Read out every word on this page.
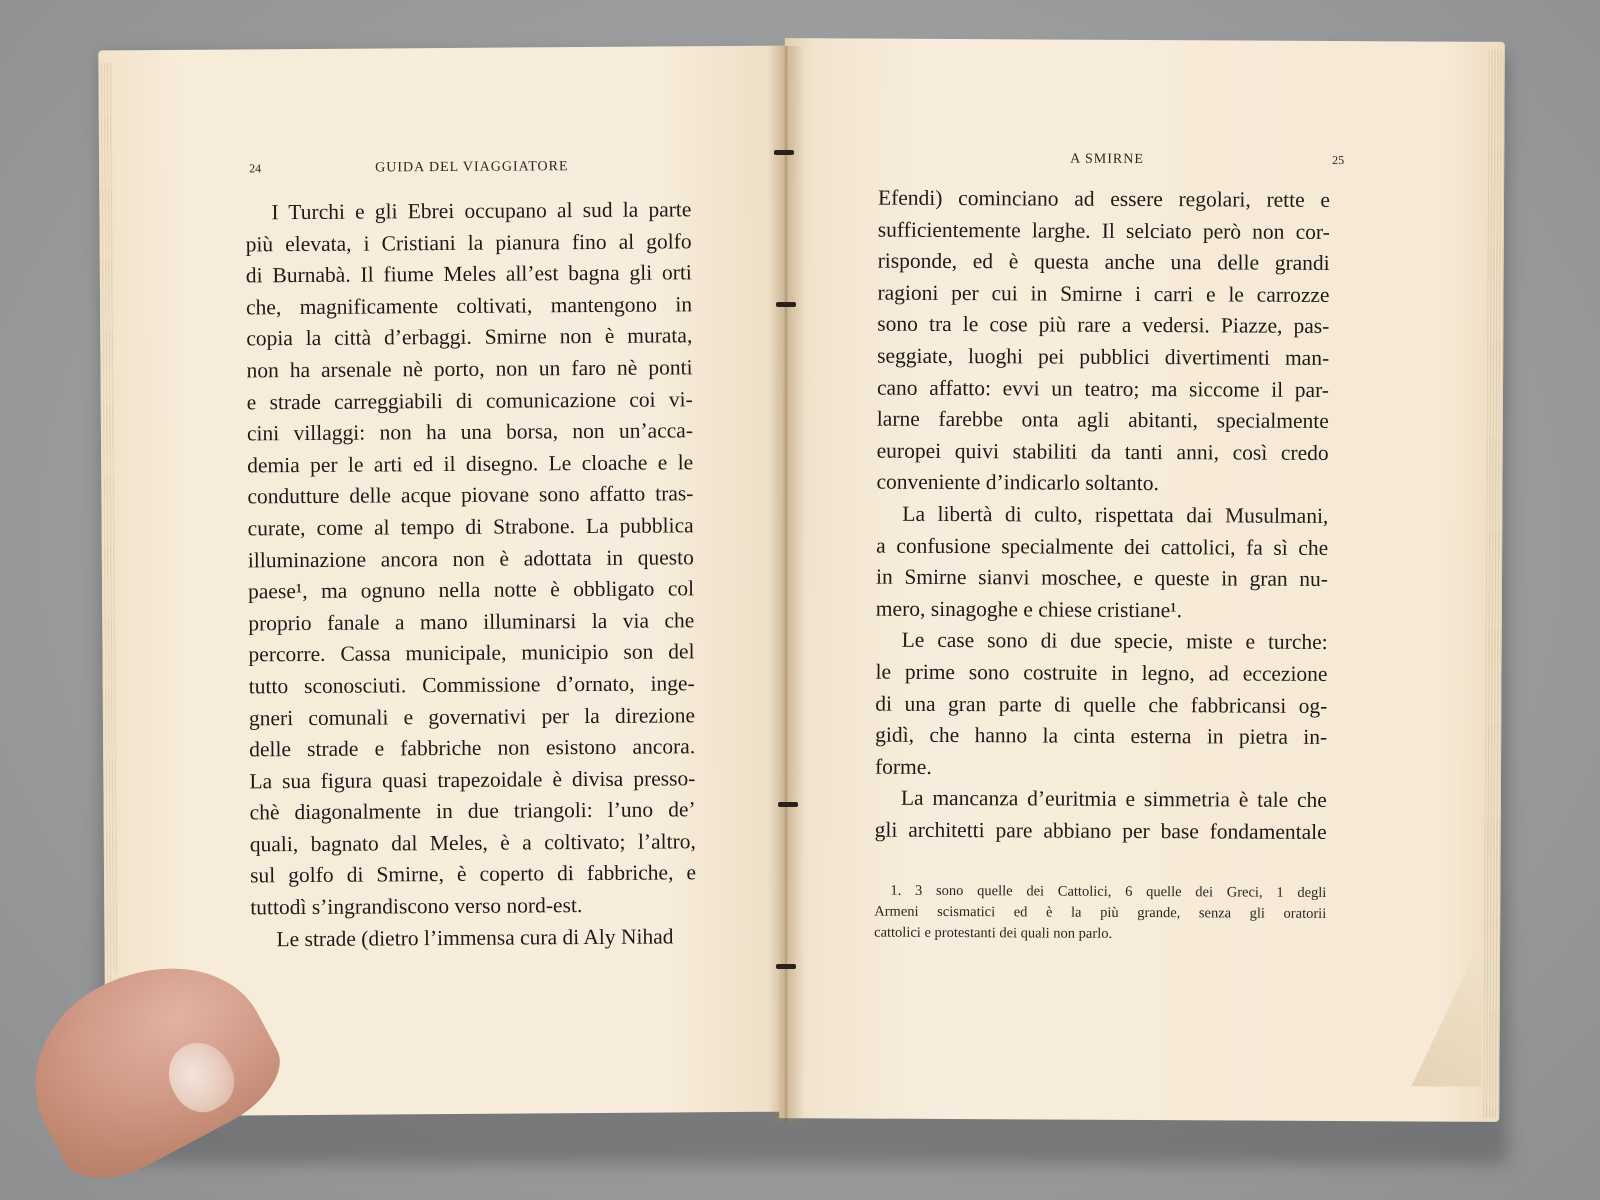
24	GUIDA DEL VIAGGIATORE
I Turchi e gli Ebrei occupano al sud la parte
più elevata, i Cristiani la pianura fino al golfo
di Burnabà. Il fiume Meles all’est bagna gli orti
che, magnificamente coltivati, mantengono in
copia la città d’erbaggi. Smirne non è murata,
non ha arsenale nè porto, non un faro nè ponti
e strade carreggiabili di comunicazione coi vi-
cini villaggi: non ha una borsa, non un’acca-
demia per le arti ed il disegno. Le cloache e le
condutture delle acque piovane sono affatto tras-
curate, come al tempo di Strabone. La pubblica
illuminazione ancora non è adottata in questo
paese¹, ma ognuno nella notte è obbligato col
proprio fanale a mano illuminarsi la via che
percorre. Cassa municipale, municipio son del
tutto sconosciuti. Commissione d’ornato, inge-
gneri comunali e governativi per la direzione
delle strade e fabbriche non esistono ancora.
La sua figura quasi trapezoidale è divisa presso-
chè diagonalmente in due triangoli: l’uno de’
quali, bagnato dal Meles, è a coltivato; l’altro,
sul golfo di Smirne, è coperto di fabbriche, e
tuttodì s’ingrandiscono verso nord-est.
Le strade (dietro l’immensa cura di Aly Nihad
A SMIRNE	25
Efendi) cominciano ad essere regolari, rette e
sufficientemente larghe. Il selciato però non cor-
risponde, ed è questa anche una delle grandi
ragioni per cui in Smirne i carri e le carrozze
sono tra le cose più rare a vedersi. Piazze, pas-
seggiate, luoghi pei pubblici divertimenti man-
cano affatto: evvi un teatro; ma siccome il par-
larne farebbe onta agli abitanti, specialmente
europei quivi stabiliti da tanti anni, così credo
conveniente d’indicarlo soltanto.
La libertà di culto, rispettata dai Musulmani,
a confusione specialmente dei cattolici, fa sì che
in Smirne sianvi moschee, e queste in gran nu-
mero, sinagoghe e chiese cristiane¹.
Le case sono di due specie, miste e turche:
le prime sono costruite in legno, ad eccezione
di una gran parte di quelle che fabbricansi og-
gidì, che hanno la cinta esterna in pietra in-
forme.
La mancanza d’euritmia e simmetria è tale che
gli architetti pare abbiano per base fondamentale
1. 3 sono quelle dei Cattolici, 6 quelle dei Greci, 1 degli
Armeni scismatici ed è la più grande, senza gli oratorii
cattolici e protestanti dei quali non parlo.
